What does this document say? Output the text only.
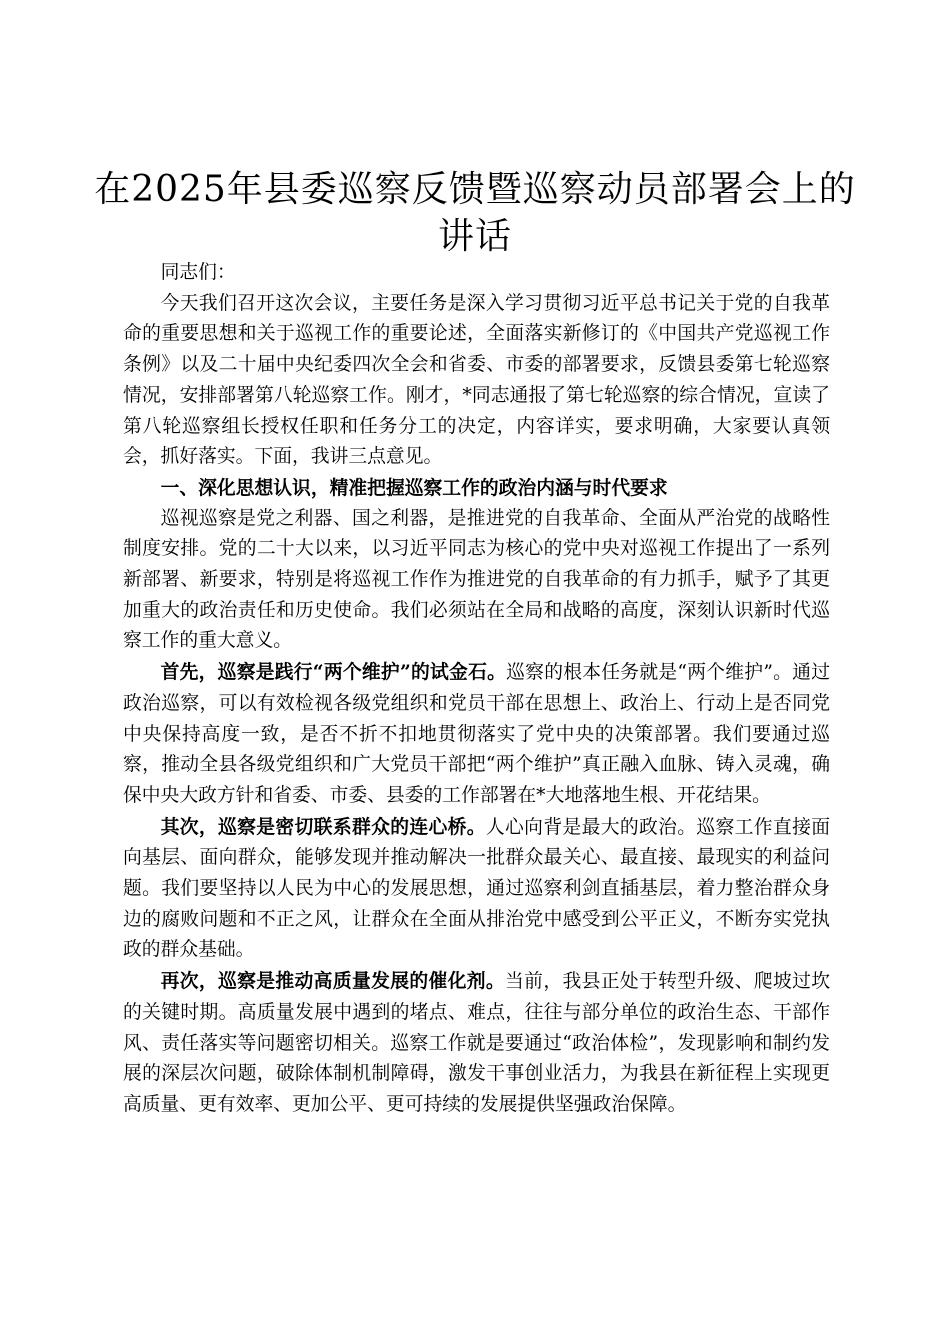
在2025年县委巡察反馈暨巡察动员部署会上的讲话

同志们：

今天我们召开这次会议，主要任务是深入学习贯彻习近平总书记关于党的自我革命的重要思想和关于巡视工作的重要论述，全面落实新修订的《中国共产党巡视工作条例》以及二十届中央纪委四次全会和省委、市委的部署要求，反馈县委第七轮巡察情况，安排部署第八轮巡察工作。刚才，*同志通报了第七轮巡察的综合情况，宣读了第八轮巡察组长授权任职和任务分工的决定，内容详实，要求明确，大家要认真领会，抓好落实。下面，我讲三点意见。

一、深化思想认识，精准把握巡察工作的政治内涵与时代要求

巡视巡察是党之利器、国之利器，是推进党的自我革命、全面从严治党的战略性制度安排。党的二十大以来，以习近平同志为核心的党中央对巡视工作提出了一系列新部署、新要求，特别是将巡视工作作为推进党的自我革命的有力抓手，赋予了其更加重大的政治责任和历史使命。我们必须站在全局和战略的高度，深刻认识新时代巡察工作的重大意义。

首先，巡察是践行“两个维护”的试金石。巡察的根本任务就是“两个维护”。通过政治巡察，可以有效检视各级党组织和党员干部在思想上、政治上、行动上是否同党中央保持高度一致，是否不折不扣地贯彻落实了党中央的决策部署。我们要通过巡察，推动全县各级党组织和广大党员干部把“两个维护”真正融入血脉、铸入灵魂，确保中央大政方针和省委、市委、县委的工作部署在*大地落地生根、开花结果。

其次，巡察是密切联系群众的连心桥。人心向背是最大的政治。巡察工作直接面向基层、面向群众，能够发现并推动解决一批群众最关心、最直接、最现实的利益问题。我们要坚持以人民为中心的发展思想，通过巡察利剑直插基层，着力整治群众身边的腐败问题和不正之风，让群众在全面从排治党中感受到公平正义，不断夯实党执政的群众基础。

再次，巡察是推动高质量发展的催化剂。当前，我县正处于转型升级、爬坡过坎的关键时期。高质量发展中遇到的堵点、难点，往往与部分单位的政治生态、干部作风、责任落实等问题密切相关。巡察工作就是要通过“政治体检”，发现影响和制约发展的深层次问题，破除体制机制障碍，激发干事创业活力，为我县在新征程上实现更高质量、更有效率、更加公平、更可持续的发展提供坚强政治保障。
